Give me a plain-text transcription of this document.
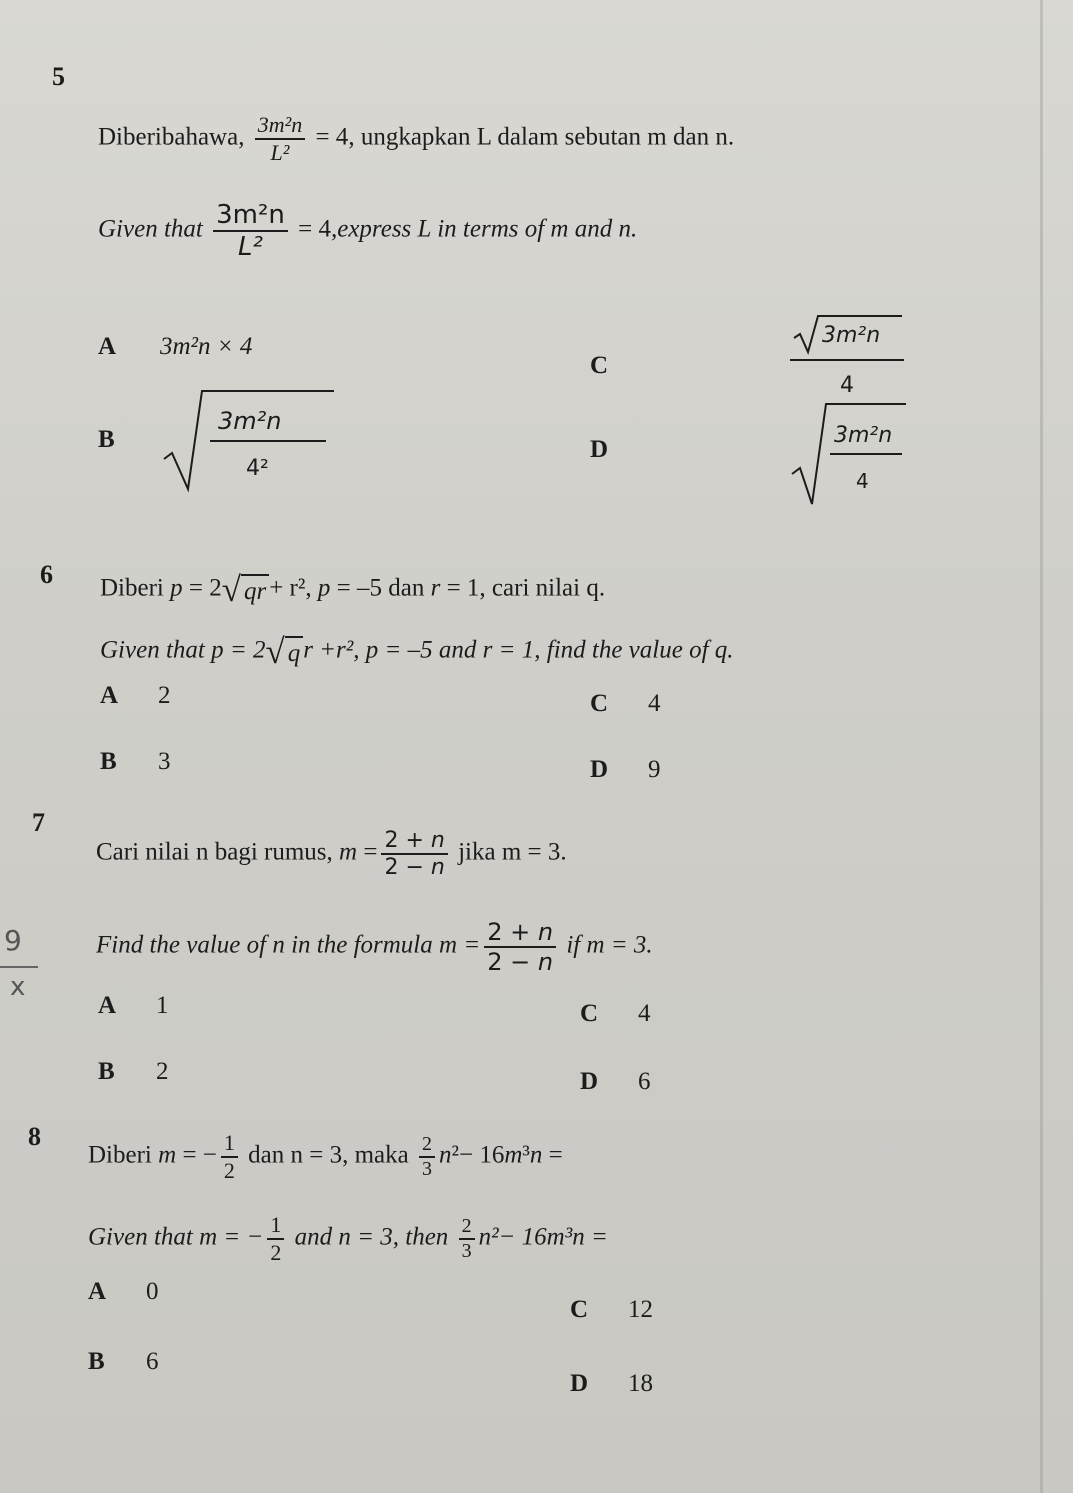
9
x
5
Diberibahawa, $\frac{\text{3m²n}}{\text{L²}} = 4$, ungkapkan L dalam sebutan m dan n.
Given that $\frac{\text{3m²n}}{\text{L²}}$ = 4,express L in terms of m and n.
A 3m²n × 4
B
3m²n
4²
C
3m²n
4
D
3m²n
4
6 Diberi p = 2√ qr + r², p = –5 dan r = 1, cari nilai q.
Given that p = 2√ q r +r², p = –5 and r = 1, find the value of q.
A 2
B 3
C 4
D 9
7
Cari nilai n bagi rumus, $m = \frac{2 + n}{2 - n}$ jika m = 3.
Find the value of n in the formula $m = \frac{2 + n}{2 - n}$ if m = 3.
A 1
B 2
C 4
D 6
8
Diberi m = − $\frac{1}{2}$ dan n = 3, maka $\frac{2}{3} n^2- 16m^3n$ =
Given that m = − $\frac{1}{2}$ and n = 3, then $\frac{2}{3} n^2- 16m^3n$ =
A 0
B 6
C 12
D 18
